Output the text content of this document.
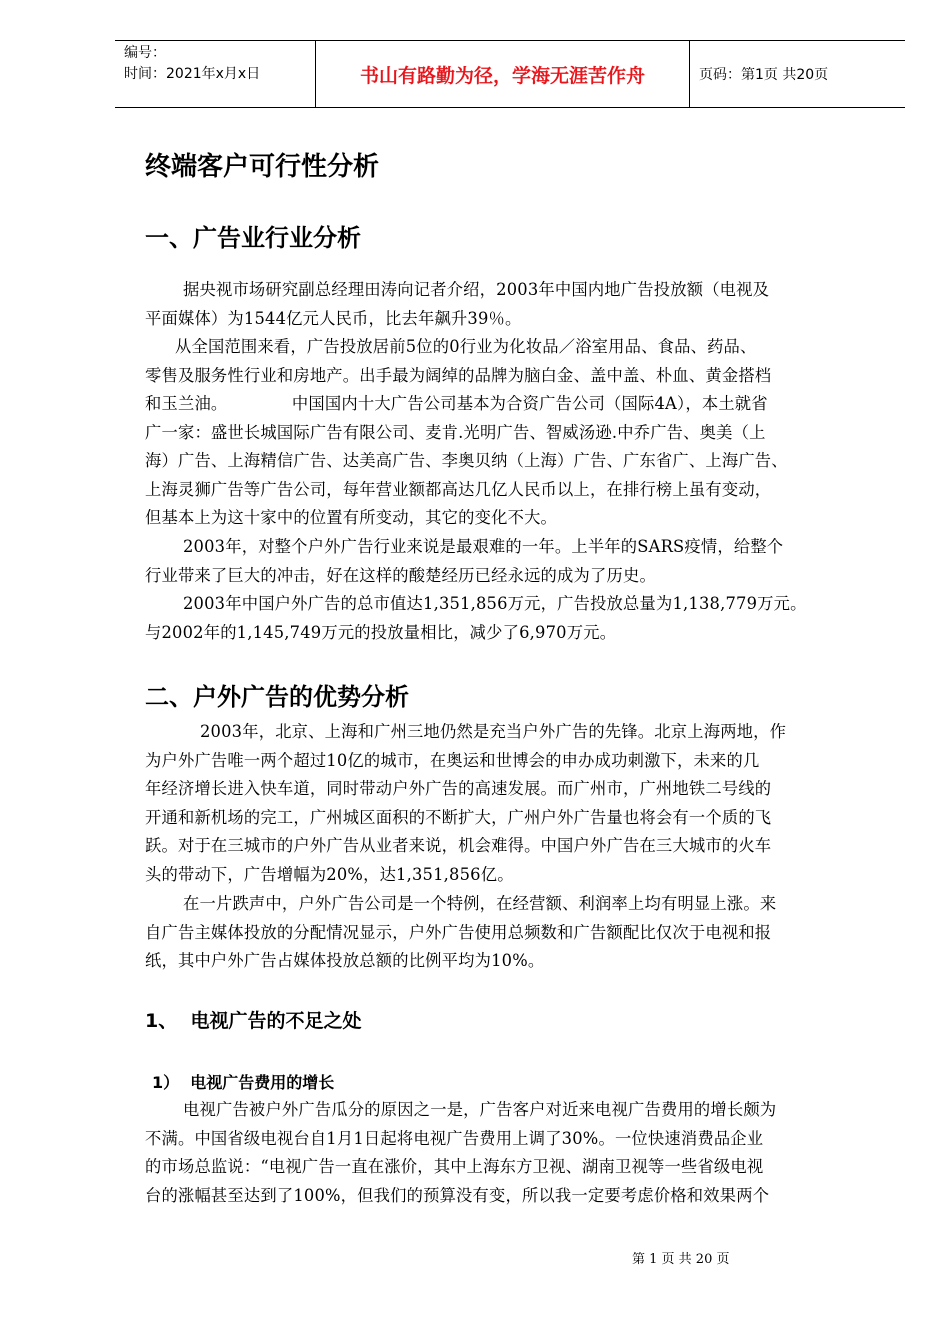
编号：
时间：2021年x月x日	书山有路勤为径，学海无涯苦作舟	页码：第1页 共20页
终端客户可行性分析
一、广告业行业分析

据央视市场研究副总经理田涛向记者介绍，2003年中国内地广告投放额（电视及
平面媒体）为1544亿元人民币，比去年飙升39％。

从全国范围来看，广告投放居前5位的0行业为化妆品／浴室用品、食品、药品、
零售及服务性行业和房地产。出手最为阔绰的品牌为脑白金、盖中盖、朴血、黄金搭档
和玉兰油。            中国国内十大广告公司基本为合资广告公司（国际4A），本土就省
广一家：盛世长城国际广告有限公司、麦肯.光明广告、智威汤逊.中乔广告、奥美（上
海）广告、上海精信广告、达美高广告、李奥贝纳（上海）广告、广东省广、上海广告、
上海灵狮广告等广告公司，每年营业额都高达几亿人民币以上，在排行榜上虽有变动，
但基本上为这十家中的位置有所变动，其它的变化不大。

2003年，对整个户外广告行业来说是最艰难的一年。上半年的SARS疫情，给整个
行业带来了巨大的冲击，好在这样的酸楚经历已经永远的成为了历史。

2003年中国户外广告的总市值达1,351,856万元，广告投放总量为1,138,779万元。
与2002年的1,145,749万元的投放量相比，减少了6,970万元。

二、户外广告的优势分析

2003年，北京、上海和广州三地仍然是充当户外广告的先锋。北京上海两地，作
为户外广告唯一两个超过10亿的城市，在奥运和世博会的申办成功刺激下，未来的几
年经济增长进入快车道，同时带动户外广告的高速发展。而广州市，广州地铁二号线的
开通和新机场的完工，广州城区面积的不断扩大，广州户外广告量也将会有一个质的飞
跃。对于在三城市的户外广告从业者来说，机会难得。中国户外广告在三大城市的火车
头的带动下，广告增幅为20%，达1,351,856亿。

在一片跌声中，户外广告公司是一个特例，在经营额、利润率上均有明显上涨。来
自广告主媒体投放的分配情况显示，户外广告使用总频数和广告额配比仅次于电视和报
纸，其中户外广告占媒体投放总额的比例平均为10%。

1、  电视广告的不足之处
1）  电视广告费用的增长

电视广告被户外广告瓜分的原因之一是，广告客户对近来电视广告费用的增长颇为
不满。中国省级电视台自1月1日起将电视广告费用上调了30%。一位快速消费品企业
的市场总监说：“电视广告一直在涨价，其中上海东方卫视、湖南卫视等一些省级电视
台的涨幅甚至达到了100%，但我们的预算没有变，所以我一定要考虑价格和效果两个

第 1 页 共 20 页
